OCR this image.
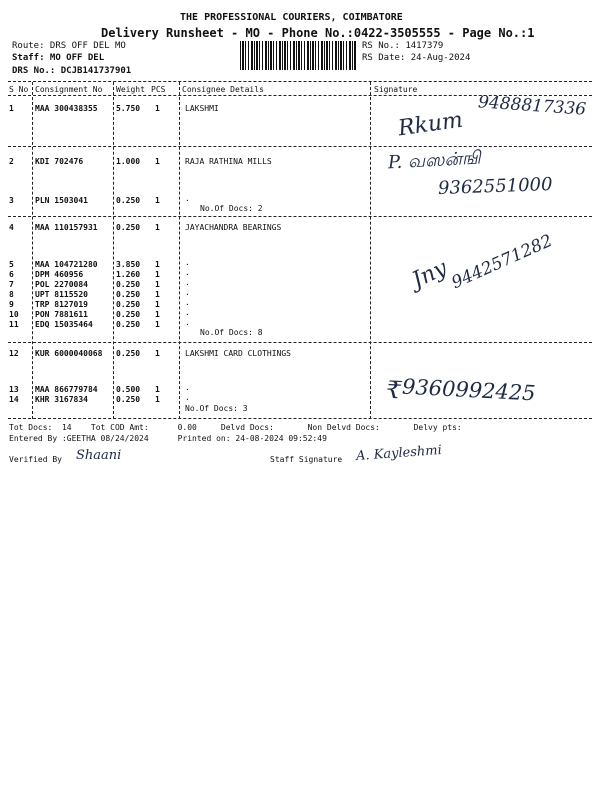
THE PROFESSIONAL COURIERS, COIMBATORE
Delivery Runsheet - MO - Phone No.:0422-3505555 - Page No.:1
Route: DRS OFF DEL MO
Staff: MO OFF DEL
DRS No.: DCJB141737901
RS No.: 1417379
RS Date: 24-Aug-2024
S No Consignment No Weight PCS Consignee Details	Signature
1	MAA 300438355 5.750 1	LAKSHMI	Rkum
9488817336
2	KDI 702476	1.000 1	RAJA RATHINA MILLS
3	PLN 1503041	0.250 1	.
No.Of Docs: 2
P. வஸன்ஙி
9362551000
4	MAA 110157931 0.250 1	JAYACHANDRA BEARINGS
5	MAA 104721280 3.850 1	.
6	DPM 460956	1.260 1	.
7	POL 2270084	0.250 1	.
8	UPT 8115520	0.250 1	.
9	TRP 8127019	0.250 1	.
10 PON 7881611	0.250 1	.
11 EDQ 15035464	0.250 1	.
No.Of Docs: 8
Jny
9442571282
12 KUR 6000040068 0.250 1	LAKSHMI CARD CLOTHINGS
13 MAA 866779784 0.500 1	.
14 KHR 3167834	0.250 1	.
No.Of Docs: 3
₹ 9360992425
Tot Docs:  14    Tot COD Amt:      0.00     Delvd Docs:       Non Delvd Docs:       Delvy pts:
Entered By :GEETHA 08/24/2024      Printed on: 24-08-2024 09:52:49
Verified By Shaani	Staff Signature A. Kayleshmi
